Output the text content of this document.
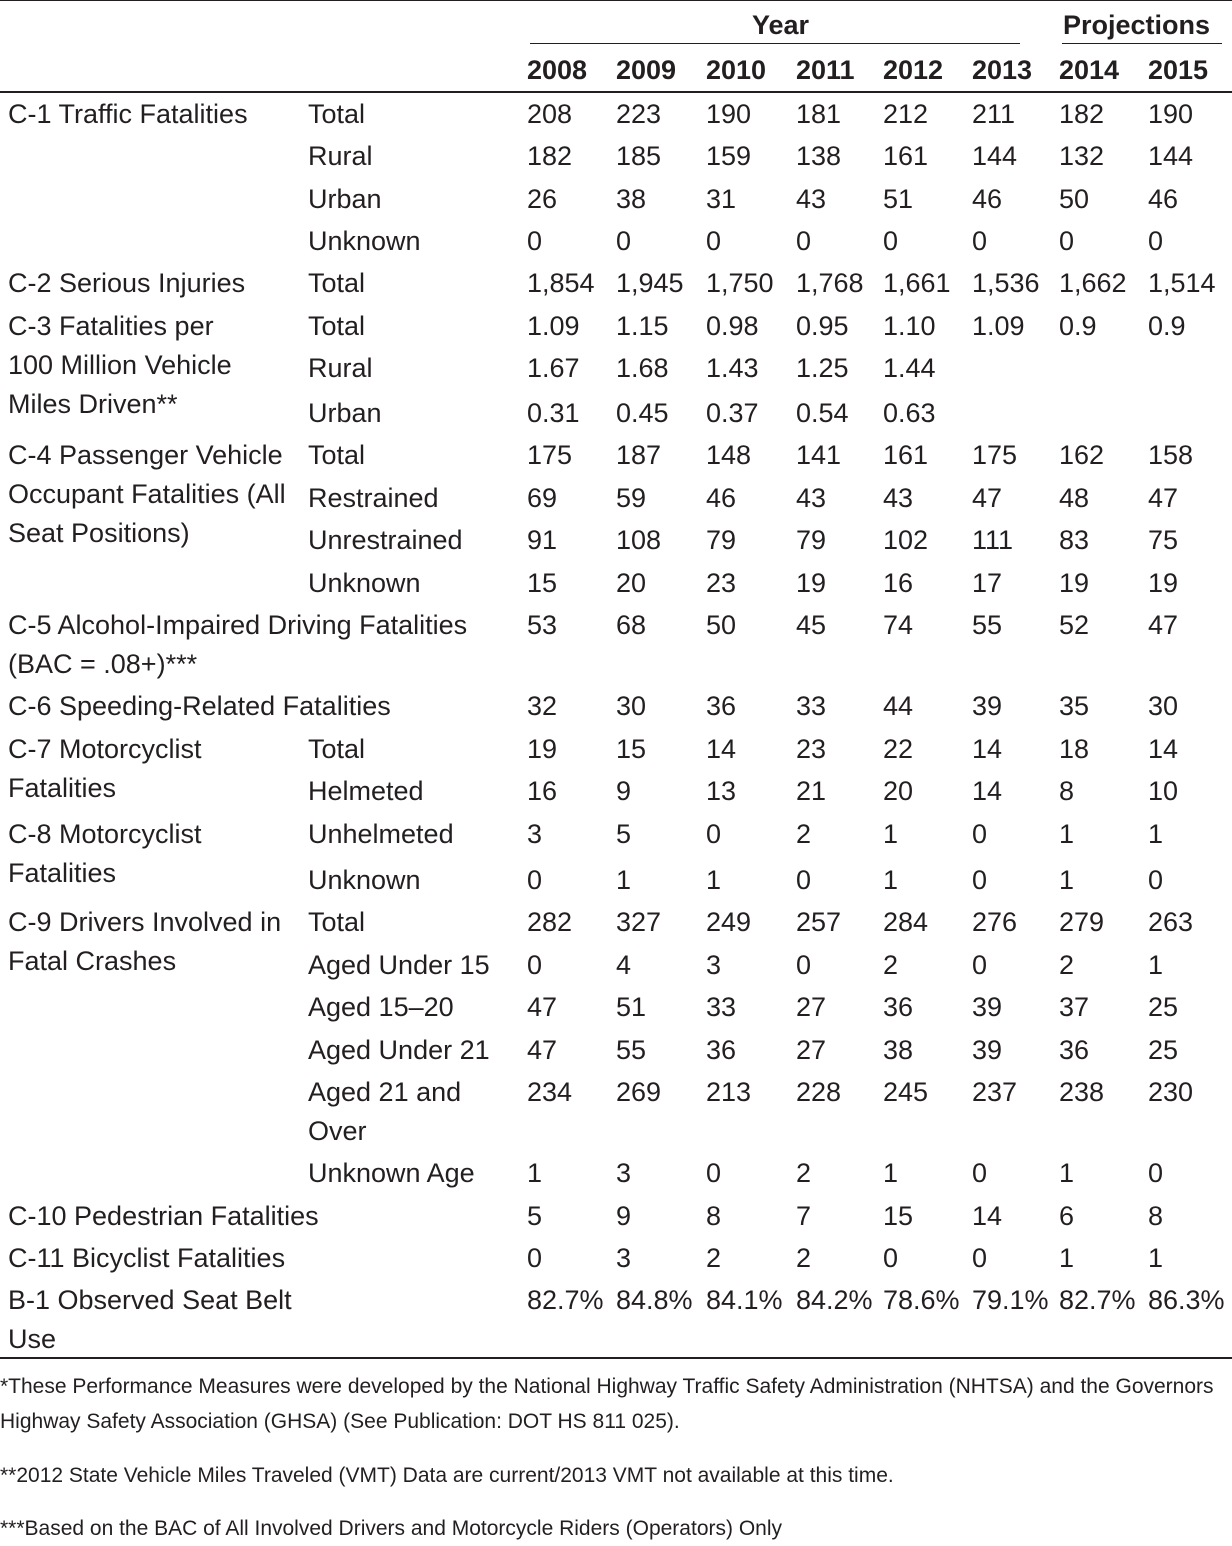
Year	Projections
2008 2009 2010 2011 2012 2013 2014 2015
C-1 Traffic Fatalities Total	208 223 190 181 212 211 182 190
Rural	182 185 159 138 161 144 132 144
Urban	26 38 31 43 51 46 50 46
Unknown	0	0	0	0	0	0	0	0
C-2 Serious Injuries Total	1,854 1,945 1,750 1,768 1,661 1,536 1,662 1,514
C-3 Fatalities per
100 Million Vehicle
Miles Driven**
Total	1.09 1.15 0.98 0.95 1.10 1.09 0.9 0.9
Rural	1.67 1.68 1.43 1.25 1.44
Urban	0.31 0.45 0.37 0.54 0.63
C-4 Passenger Vehicle
Occupant Fatalities (All
Seat Positions)
Total	175 187 148 141 161 175 162 158
Restrained	69 59 46 43 43 47 48 47
Unrestrained 91 108 79 79 102 111 83 75
Unknown	15 20 23 19 16 17 19 19
C-5 Alcohol-Impaired Driving Fatalities
(BAC = .08+)***
53 68 50 45 74 55 52 47
C-6 Speeding-Related Fatalities	32 30 36 33 44 39 35 30
C-7 Motorcyclist
Fatalities
Total	19 15 14 23 22 14 18 14
Helmeted	16 9	13 21 20 14 8	10
C-8 Motorcyclist
Fatalities
Unhelmeted	3	5	0	2	1	0	1	1
Unknown	0	1	1	0	1	0	1	0
C-9 Drivers Involved in
Fatal Crashes
Total	282 327 249 257 284 276 279 263
Aged Under 15 0	4	3	0	2	0	2	1
Aged 15–20	47 51 33 27 36 39 37 25
Aged Under 21 47 55 36 27 38 39 36 25
Aged 21 and
Over
234 269 213 228 245 237 238 230
Unknown Age 1	3	0	2	1	0	1	0
C-10 Pedestrian Fatalities	5	9	8	7	15 14 6	8
C-11 Bicyclist Fatalities	0	3	2	2	0	0	1	1
B-1 Observed Seat Belt
Use
82.7% 84.8% 84.1% 84.2% 78.6% 79.1% 82.7% 86.3%
*These Performance Measures were developed by the National Highway Traffic Safety Administration (NHTSA) and the Governors Highway Safety Association (GHSA) (See Publication: DOT HS 811 025).
**2012 State Vehicle Miles Traveled (VMT) Data are current/2013 VMT not available at this time.
***Based on the BAC of All Involved Drivers and Motorcycle Riders (Operators) Only
